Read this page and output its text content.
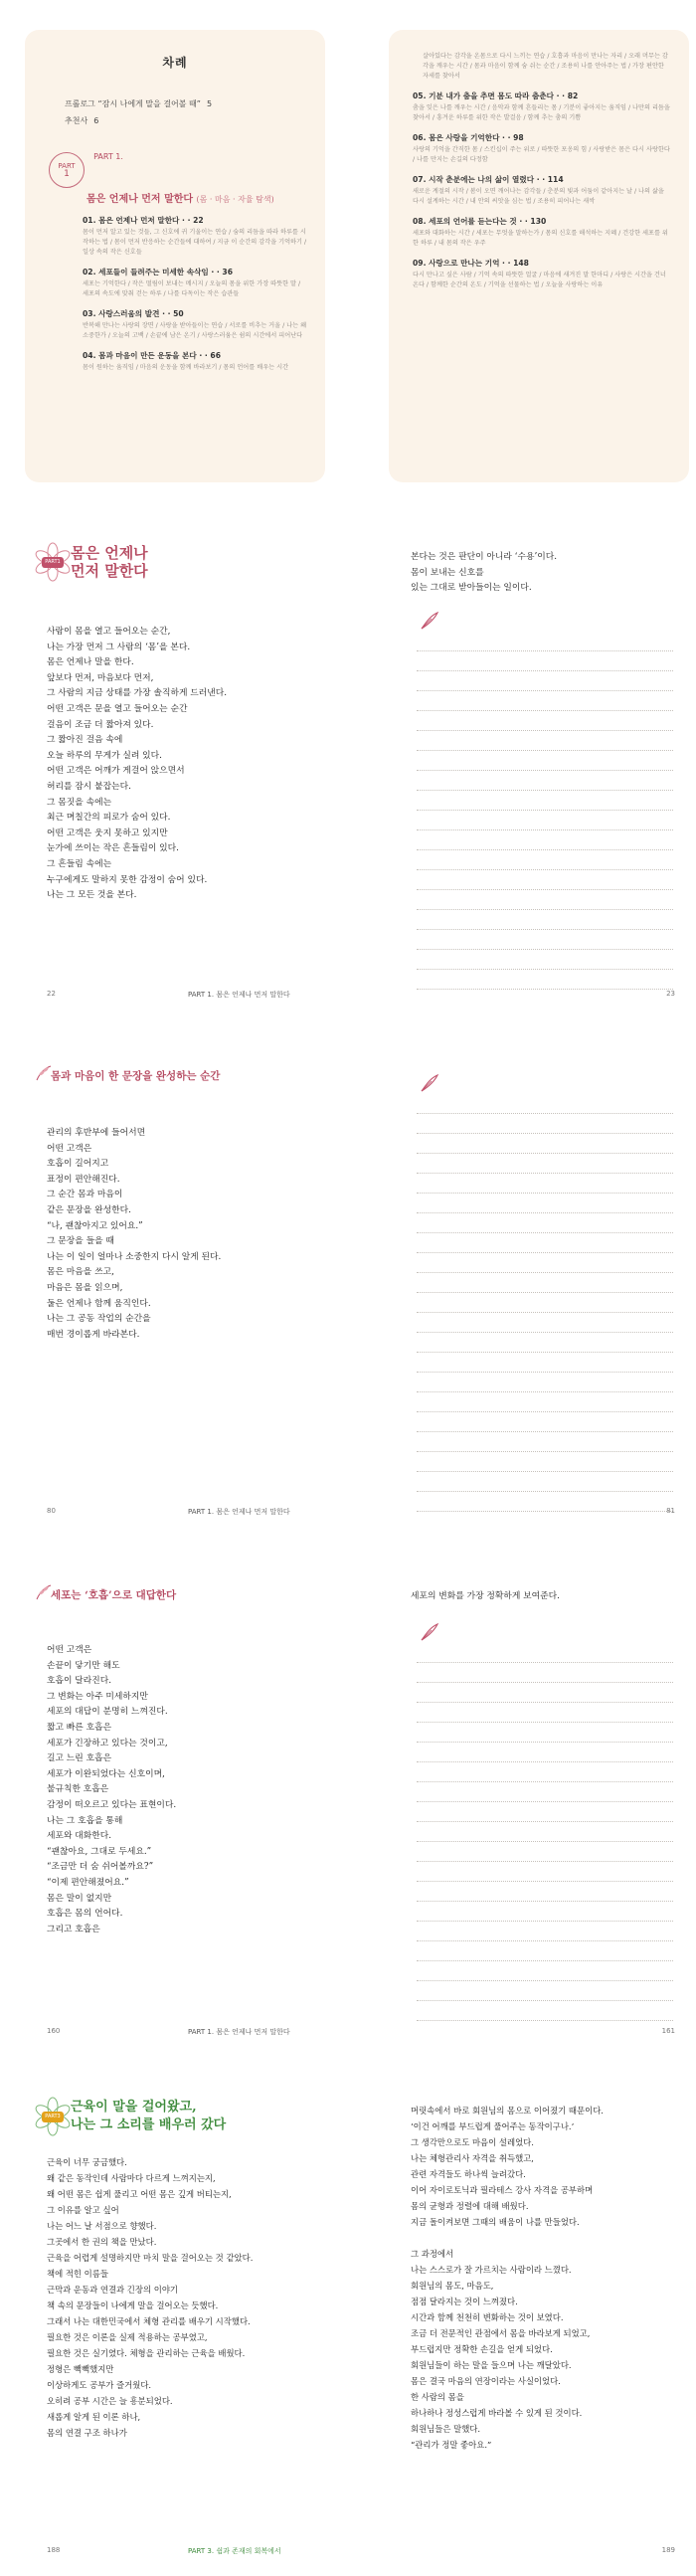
차례
프롤로그 “잠시 나에게 말을 걸어볼 때” 5
추천사 6
PART
1
$^{PART 1.}$
몸은 언제나 먼저 말한다 (몸 · 마음 · 자율 탐색)
01. 몸은 언제나 먼저 말한다 · · 22
몸이 먼저 알고 있는 것들, 그 신호에 귀 기울이는 연습 / 숨의 리듬을 따라 하루를 시작하는 법 / 몸이 먼저 반응하는 순간들에 대하여 / 지금 이 순간의 감각을 기억하기 / 일상 속의 작은 신호들
02. 세포들이 들려주는 미세한 속삭임 · · 36
세포는 기억한다 / 작은 떨림이 보내는 메시지 / 오늘의 몸을 위한 가장 따뜻한 말 / 세포의 속도에 맞춰 걷는 하루 / 나를 다독이는 작은 습관들
03. 사랑스러움의 발견 · · 50
반복해 만나는 사랑의 장면 / 사랑을 받아들이는 연습 / 서로를 비추는 거울 / 나는 왜 소중한가 / 오늘의 고백 / 손끝에 남은 온기 / 사랑스러움은 쉼의 시간에서 피어난다
04. 몸과 마음이 만든 운동을 본다 · · 66
몸이 원하는 움직임 / 마음의 운동을 함께 바라보기 / 몸의 언어를 배우는 시간
살아있다는 감각을 온몸으로 다시 느끼는 연습 / 호흡과 마음이 만나는 자리 / 오래 머무는 감각을 깨우는 시간 / 몸과 마음이 함께 숨 쉬는 순간 / 조용히 나를 안아주는 법 / 가장 편안한 자세를 찾아서
05. 기분 내가 춤을 추면 몸도 따라 춤춘다 · · 82
춤을 잊은 나를 깨우는 시간 / 음악과 함께 흔들리는 몸 / 기분이 좋아지는 움직임 / 나만의 리듬을 찾아서 / 흥겨운 하루를 위한 작은 발걸음 / 함께 추는 춤의 기쁨
06. 몸은 사랑을 기억한다 · · 98
사랑의 기억을 간직한 몸 / 스킨십이 주는 위로 / 따뜻한 포옹의 힘 / 사랑받은 몸은 다시 사랑한다 / 나를 만지는 손길의 다정함
07. 시작 춘분에는 나의 삶이 열렸다 · · 114
새로운 계절의 시작 / 봄이 오면 깨어나는 감각들 / 춘분의 빛과 어둠이 같아지는 날 / 나의 삶을 다시 설계하는 시간 / 내 안의 씨앗을 심는 법 / 조용히 피어나는 새싹
08. 세포의 언어를 듣는다는 것 · · 130
세포와 대화하는 시간 / 세포는 무엇을 말하는가 / 몸의 신호를 해석하는 지혜 / 건강한 세포를 위한 하루 / 내 몸의 작은 우주
09. 사랑으로 만나는 기억 · · 148
다시 만나고 싶은 사람 / 기억 속의 따뜻한 얼굴 / 마음에 새겨진 말 한마디 / 사랑은 시간을 건너 온다 / 함께한 순간의 온도 / 기억을 선물하는 법 / 오늘을 사랑하는 이유
PART1 몸은 언제나
먼저 말한다
사람이 몸을 열고 들어오는 순간,
나는 가장 먼저 그 사람의 ‘몸’을 본다.
몸은 언제나 말을 한다.
앞보다 먼저, 마음보다 먼저,
그 사람의 지금 상태를 가장 솔직하게 드러낸다.
어떤 고객은 문을 열고 들어오는 순간
걸음이 조금 더 짧아져 있다.
그 짧아진 걸음 속에
오늘 하루의 무게가 실려 있다.
어떤 고객은 어깨가 게걸어 앉으면서
허리를 잠시 붙잡는다.
그 몸짓을 속에는
최근 며칠간의 피로가 숨어 있다.
어떤 고객은 웃지 못하고 있지만
눈가에 쓰이는 작은 흔들림이 있다.
그 흔들림 속에는
누구에게도 말하지 못한 감정이 숨어 있다.
나는 그 모든 것을 본다.
22	PART 1. 몸은 언제나 먼저 말한다
본다는 것은 판단이 아니라 ‘수용’이다.
몸이 보내는 신호를
있는 그대로 받아들이는 일이다.
23
몸과 마음이 한 문장을 완성하는 순간
관리의 후반부에 들어서면
어떤 고객은
호흡이 길어지고
표정이 편안해진다.
그 순간 몸과 마음이
같은 문장을 완성한다.
“나, 괜찮아지고 있어요.”
그 문장을 들을 때
나는 이 일이 얼마나 소중한지 다시 알게 된다.
몸은 마음을 쓰고,
마음은 몸을 읽으며,
둘은 언제나 함께 움직인다.
나는 그 공동 작업의 순간을
매번 경이롭게 바라본다.
80	PART 1. 몸은 언제나 먼저 말한다	81
세포는 ‘호흡’으로 대답한다
어떤 고객은
손끝이 닿기만 해도
호흡이 달라진다.
그 변화는 아주 미세하지만
세포의 대답이 분명히 느껴진다.
짧고 빠른 호흡은
세포가 긴장하고 있다는 것이고,
길고 느린 호흡은
세포가 이완되었다는 신호이며,
불규칙한 호흡은
감정이 떠오르고 있다는 표현이다.
나는 그 호흡을 통해
세포와 대화한다.
“괜찮아요, 그대로 두세요.”
“조금만 더 숨 쉬어볼까요?”
“이제 편안해졌어요.”
몸은 말이 없지만
호흡은 몸의 언어다.
그리고 호흡은
160	PART 1. 몸은 언제나 먼저 말한다
세포의 변화를 가장 정확하게 보여준다.
161
PART3
근육이 말을 걸어왔고,
나는 그 소리를 배우러 갔다
근육이 너무 궁금했다.
왜 같은 동작인데 사람마다 다르게 느껴지는지,
왜 어떤 몸은 쉽게 풀리고 어떤 몸은 깊게 버티는지,
그 이유를 알고 싶어
나는 어느 날 서점으로 향했다.
그곳에서 한 권의 책을 만났다.
근육을 어렵게 설명하지만 마치 말을 걸어오는 것 같았다.
책에 적힌 이름들
근막과 운동과 연결과 긴장의 이야기
책 속의 문장들이 나에게 말을 걸어오는 듯했다.
그래서 나는 대한민국에서 체형 관리를 배우기 시작했다.
필요한 것은 이론을 실제 적용하는 공부였고,
필요한 것은 실기였다. 체형을 관리하는 근육을 배웠다.
정형은 빽빽했지만
이상하게도 공부가 즐거웠다.
오히려 공부 시간은 늘 흥분되었다.
새롭게 알게 된 이론 하나,
몸의 연결 구조 하나가
188	PART 3. 쉼과 존재의 회복에서
머릿속에서 바로 회원님의 몸으로 이어졌기 때문이다.
‘이건 어깨를 부드럽게 풀어주는 동작이구나.’
그 생각만으로도 마음이 설레었다.
나는 체형관리사 자격을 취득했고,
관련 자격들도 하나씩 늘려갔다.
이어 자이로토닉과 필라테스 강사 자격을 공부하며
몸의 균형과 정렬에 대해 배웠다.
지금 돌이켜보면 그때의 배움이 나를 만들었다.
그 과정에서
나는 스스로가 잘 가르치는 사람이라 느꼈다.
회원님의 몸도, 마음도,
점점 달라지는 것이 느껴졌다.
시간과 함께 천천히 변화하는 것이 보였다.
조금 더 전문적인 관점에서 몸을 바라보게 되었고,
부드럽지만 정확한 손길을 얻게 되었다.
회원님들이 하는 말을 들으며 나는 깨달았다.
몸은 결국 마음의 연장이라는 사실이었다.
한 사람의 몸을
하나하나 정성스럽게 바라볼 수 있게 된 것이다.
회원님들은 말했다.
“관리가 정말 좋아요.”
189
